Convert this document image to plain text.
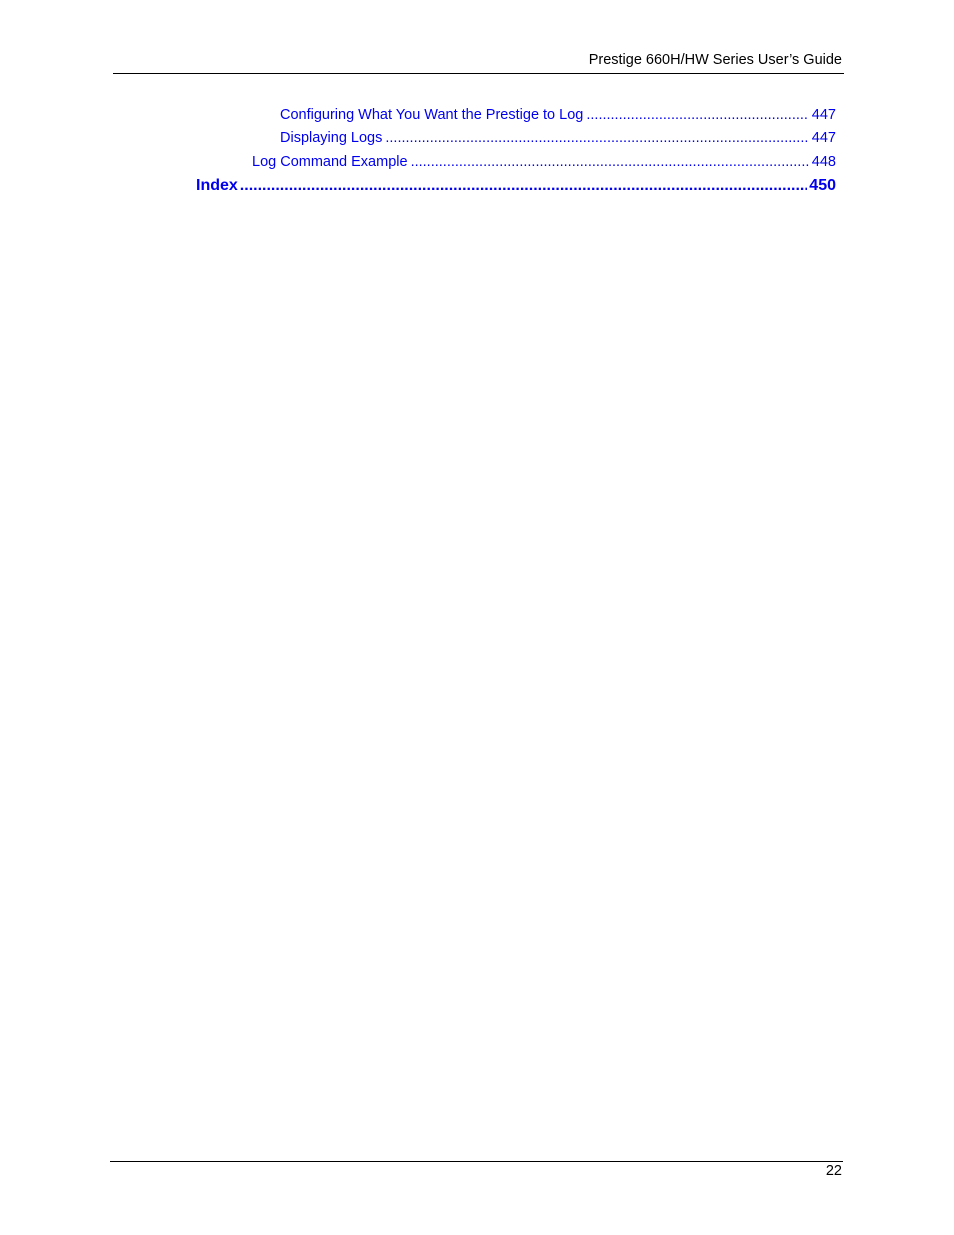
Prestige 660H/HW Series User’s Guide
Configuring What You Want the Prestige to Log .....	447
Displaying Logs .....	447
Log Command Example .....	448
Index .....	450
22
